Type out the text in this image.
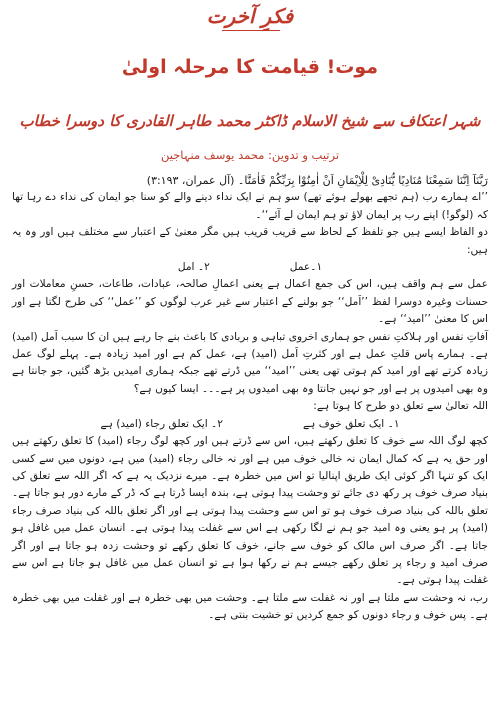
فکرِ آخرت
موت! قیامت کا مرحلہ اولیٰ
شہر اعتکاف سے شیخ الاسلام ڈاکٹر محمد طاہر القادری کا دوسرا خطاب
ترتیب و تدوین: محمد یوسف منہاجین

رَبَّنَآ اِنَّنَا سَمِعْنَا مُنَادِیًا یُّنَادِیْ لِلْاِیْمَانِ اَنْ اٰمِنُوْا بِرَبِّکُمْ فَاٰمَنَّا۔ (آل عمران، ۳:۱۹۳)

’’اے ہمارے رب (ہم تجھے بھولے ہوئے تھے) سو ہم نے ایک نداء دینے والے کو سنا جو ایمان کی نداء دے رہا تھا کہ (لوگو!) اپنے رب پر ایمان لاؤ تو ہم ایمان لے آئے‘‘۔

دو الفاظ ایسے ہیں جو تلفظ کے لحاظ سے قریب قریب ہیں مگر معنیٰ کے اعتبار سے مختلف ہیں اور وہ یہ ہیں:

۱۔عمل
۲۔ امل

عمل سے ہم واقف ہیں، اس کی جمع اعمال ہے یعنی اعمالِ صالحہ، عبادات، طاعات، حسنِ معاملات اور حسنات وغیرہ دوسرا لفظ ’’اَمل‘‘ جو بولنے کے اعتبار سے غیر عرب لوگوں کو ’’عمل‘‘ کی طرح لگتا ہے اور اس کا معنیٰ ’’امید‘‘ ہے۔

آفاتِ نفس اور ہلاکتِ نفس جو ہماری اخروی تباہی و بربادی کا باعث بنے جا رہے ہیں ان کا سبب اَمل (امید) ہے۔ ہمارے پاس قلتِ عمل ہے اور کثرتِ اَمل (امید) ہے، عمل کم ہے اور امید زیادہ ہے۔ پہلے لوگ عمل زیادہ کرتے تھے اور امید کم ہوتی تھی یعنی ’’امید‘‘ میں ڈرتے تھے جبکہ ہماری امیدیں بڑھ گئیں، جو جانتا ہے وہ بھی امیدوں پر ہے اور جو نہیں جانتا وہ بھی امیدوں پر ہے۔۔۔ ایسا کیوں ہے؟

اللہ تعالیٰ سے تعلق دو طرح کا ہوتا ہے:

۱۔ ایک تعلق خوف ہے
۲۔ ایک تعلق رجاء (امید) ہے

کچھ لوگ اللہ سے خوف کا تعلق رکھتے ہیں، اس سے ڈرتے ہیں اور کچھ لوگ رجاء (امید) کا تعلق رکھتے ہیں اور حق یہ ہے کہ کمال ایمان نہ خالی خوف میں ہے اور نہ خالی رجاء (امید) میں ہے، دونوں میں سے کسی ایک کو تنہا اگر کوئی ایک طریق اپنالیا تو اس میں خطرہ ہے۔ میرے نزدیک یہ ہے کہ اگر اللہ سے تعلق کی بنیاد صرف خوف پر رکھ دی جائے تو وحشت پیدا ہوتی ہے، بندہ ایسا ڈرتا ہے کہ ڈر کے مارے دور ہو جاتا ہے۔ تعلق باللہ کی بنیاد صرف خوف ہو تو اس سے وحشت پیدا ہوتی ہے اور اگر تعلق باللہ کی بنیاد صرف رجاء (امید) پر ہو یعنی وہ امید جو ہم نے لگا رکھی ہے اس سے غفلت پیدا ہوتی ہے۔ انسان عمل میں غافل ہو جاتا ہے۔ اگر صرف اس مالک کو خوف سے جانے، خوف کا تعلق رکھے تو وحشت زدہ ہو جاتا ہے اور اگر صرف امید و رجاء پر تعلق رکھے جیسے ہم نے رکھا ہوا ہے تو انسان عمل میں غافل ہو جاتا ہے اس سے غفلت پیدا ہوتی ہے۔

رب، نہ وحشت سے ملتا ہے اور نہ غفلت سے ملتا ہے۔ وحشت میں بھی خطرہ ہے اور غفلت میں بھی خطرہ ہے۔ پس خوف و رجاء دونوں کو جمع کردیں تو خشیت بنتی ہے۔
